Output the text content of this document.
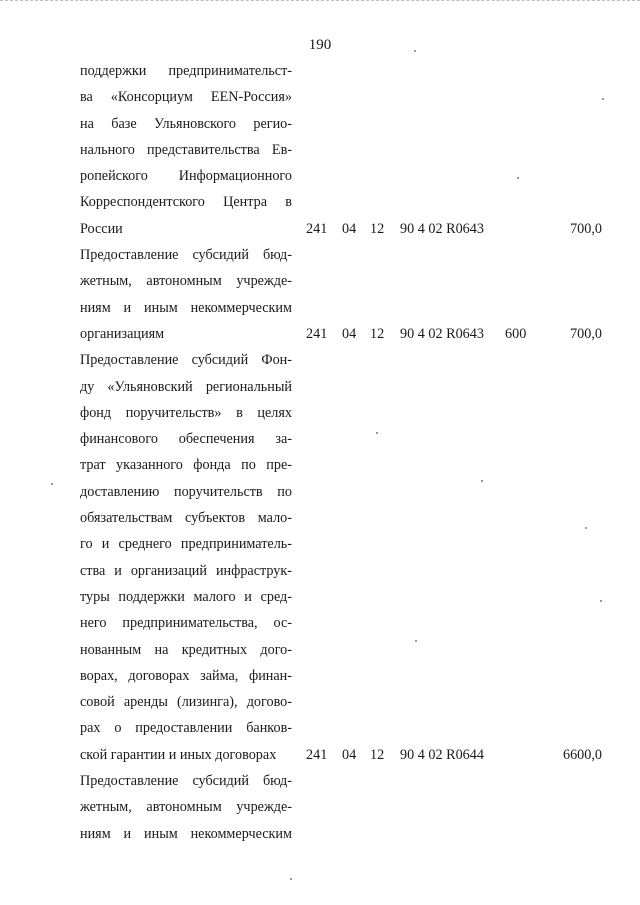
190
поддержки предпринимательст-
ва «Консорциум EEN-Россия»
на базе Ульяновского регио-
нального представительства Ев-
ропейского Информационного
Корреспондентского Центра в
России	241 04 12 90 4 02 R0643	700,0
Предоставление субсидий бюд-
жетным, автономным учрежде-
ниям и иным некоммерческим
организациям	241 04 12 90 4 02 R0643 600	700,0
Предоставление субсидий Фон-
ду «Ульяновский региональный
фонд поручительств» в целях
финансового обеспечения за-
трат указанного фонда по пре-
доставлению поручительств по
обязательствам субъектов мало-
го и среднего предприниматель-
ства и организаций инфраструк-
туры поддержки малого и сред-
него предпринимательства, ос-
нованным на кредитных дого-
ворах, договорах займа, финан-
совой аренды (лизинга), догово-
рах о предоставлении банков-
ской гарантии и иных договорах	241 04 12 90 4 02 R0644	6600,0
Предоставление субсидий бюд-
жетным, автономным учрежде-
ниям и иным некоммерческим
